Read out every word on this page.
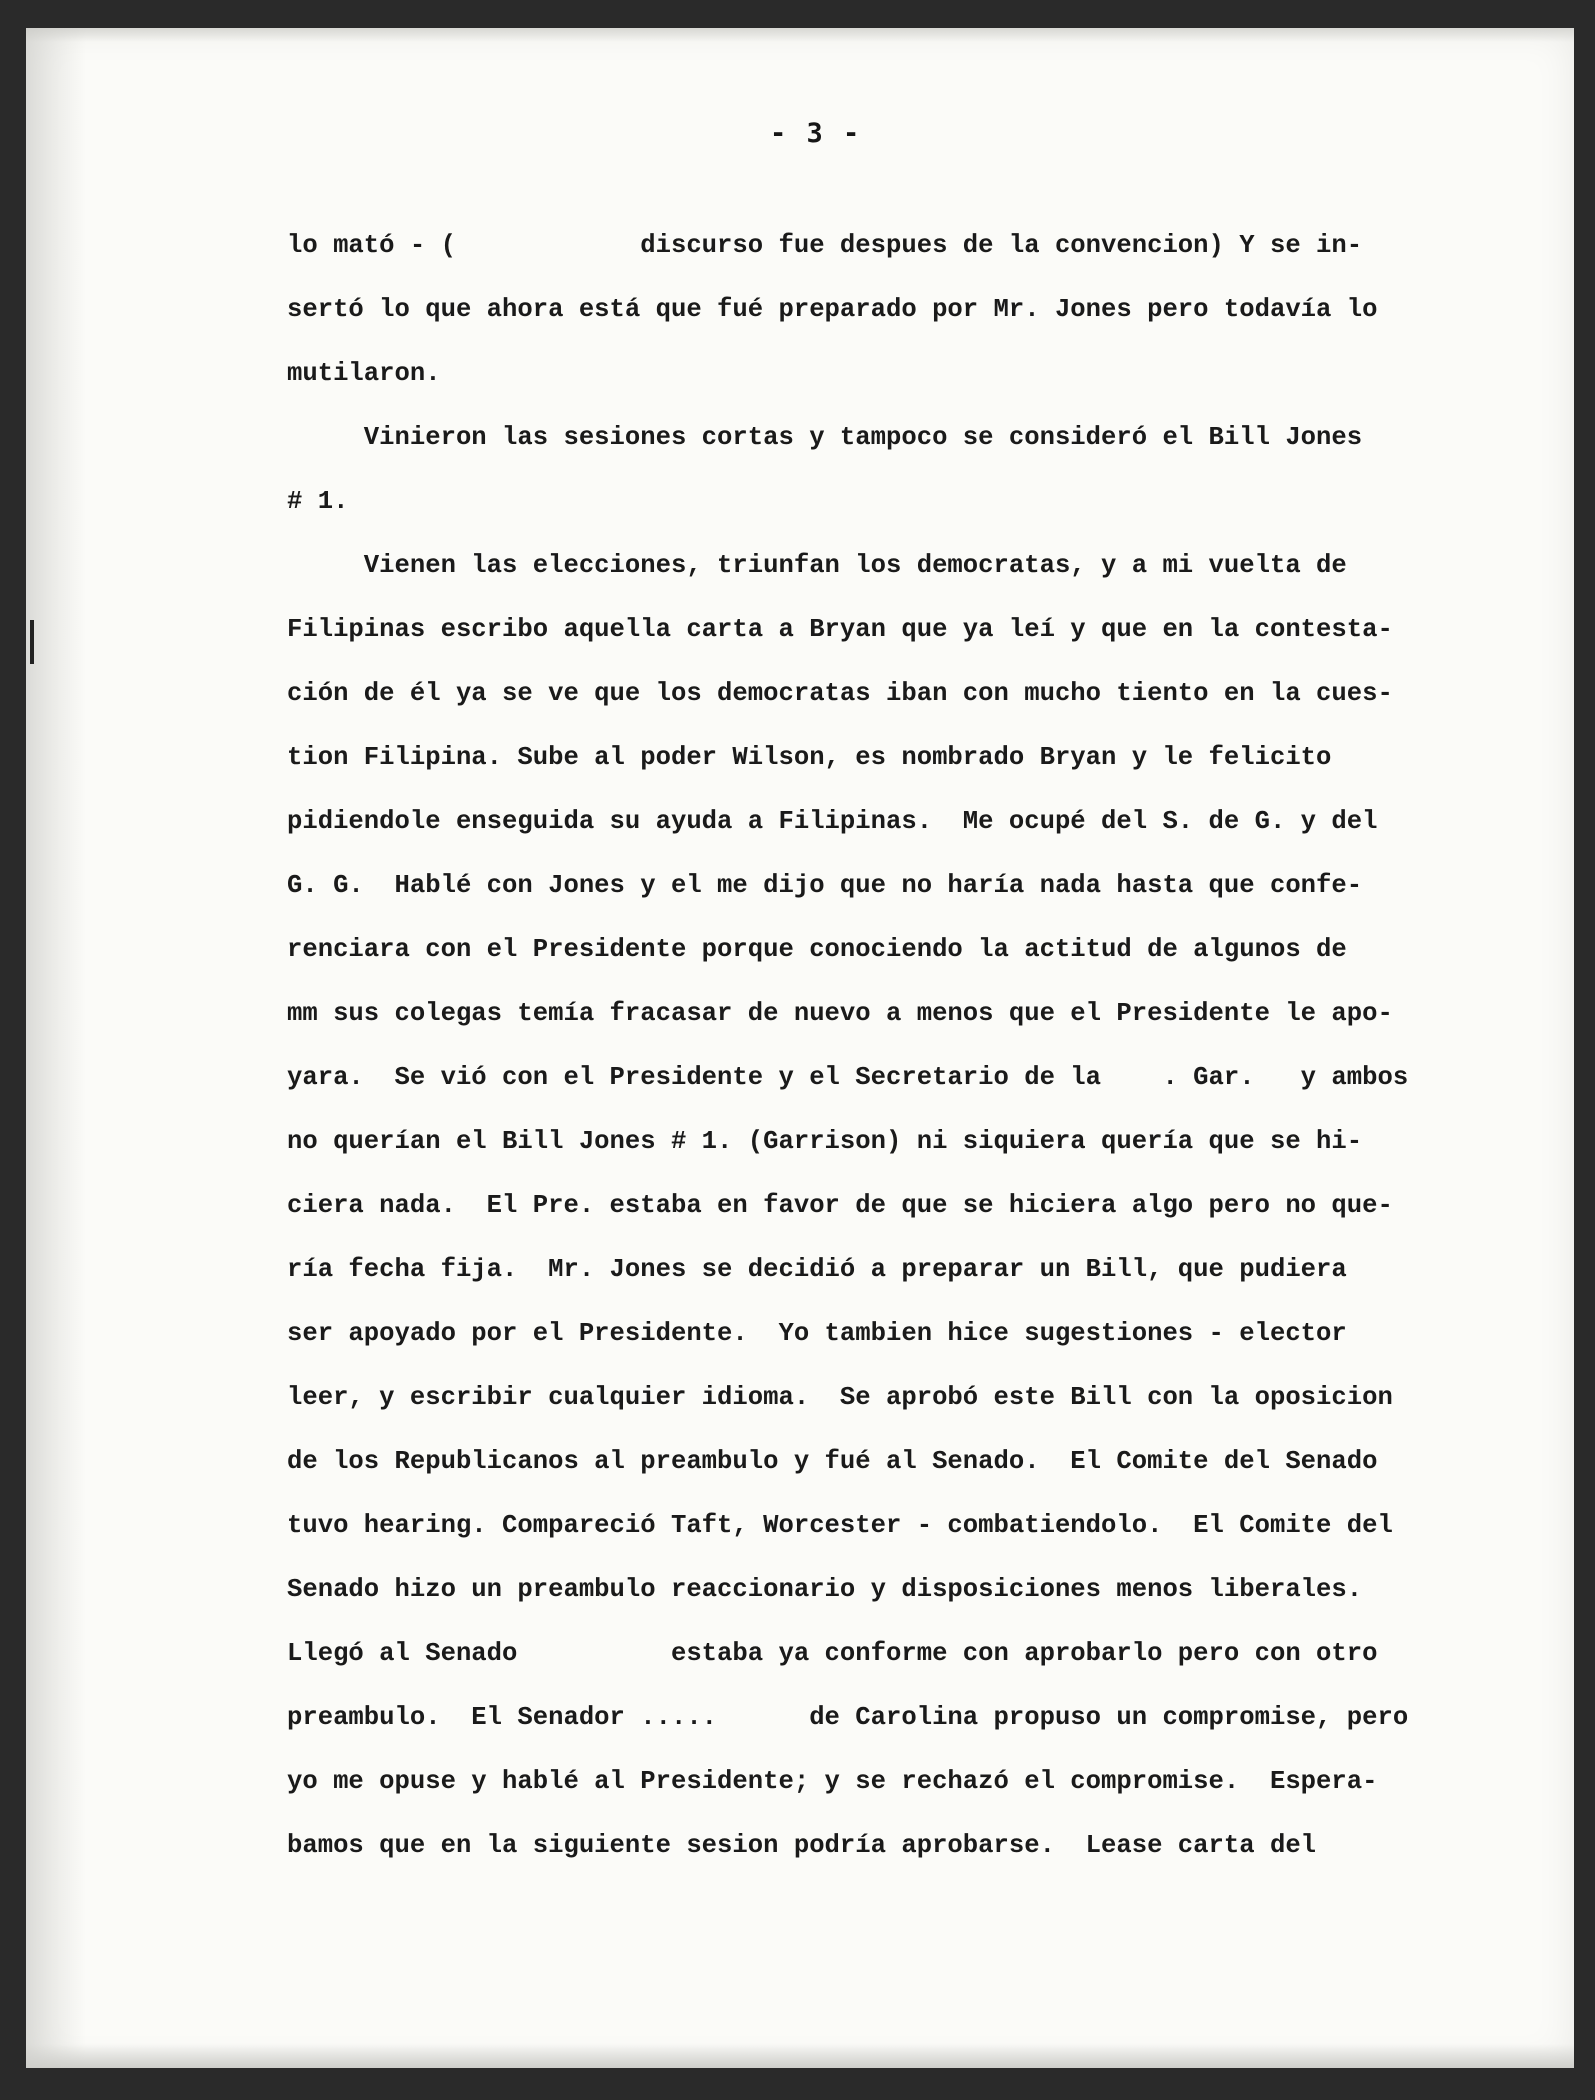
- 3 -
lo mató - (            discurso fue despues de la convencion) Y se in-
sertó lo que ahora está que fué preparado por Mr. Jones pero todavía lo
mutilaron.
Vinieron las sesiones cortas y tampoco se consideró el Bill Jones
# 1.
Vienen las elecciones, triunfan los democratas, y a mi vuelta de
Filipinas escribo aquella carta a Bryan que ya leí y que en la contesta-
ción de él ya se ve que los democratas iban con mucho tiento en la cues-
tion Filipina. Sube al poder Wilson, es nombrado Bryan y le felicito
pidiendole enseguida su ayuda a Filipinas.  Me ocupé del S. de G. y del
G. G.  Hablé con Jones y el me dijo que no haría nada hasta que confe-
renciara con el Presidente porque conociendo la actitud de algunos de
mm sus colegas temía fracasar de nuevo a menos que el Presidente le apo-
yara.  Se vió con el Presidente y el Secretario de la    . Gar.   y ambos
no querían el Bill Jones # 1. (Garrison) ni siquiera quería que se hi-
ciera nada.  El Pre. estaba en favor de que se hiciera algo pero no que-
ría fecha fija.  Mr. Jones se decidió a preparar un Bill, que pudiera
ser apoyado por el Presidente.  Yo tambien hice sugestiones - elector
leer, y escribir cualquier idioma.  Se aprobó este Bill con la oposicion
de los Republicanos al preambulo y fué al Senado.  El Comite del Senado
tuvo hearing. Compareció Taft, Worcester - combatiendolo.  El Comite del
Senado hizo un preambulo reaccionario y disposiciones menos liberales.
Llegó al Senado          estaba ya conforme con aprobarlo pero con otro
preambulo.  El Senador .....      de Carolina propuso un compromise, pero
yo me opuse y hablé al Presidente; y se rechazó el compromise.  Espera-
bamos que en la siguiente sesion podría aprobarse.  Lease carta del
